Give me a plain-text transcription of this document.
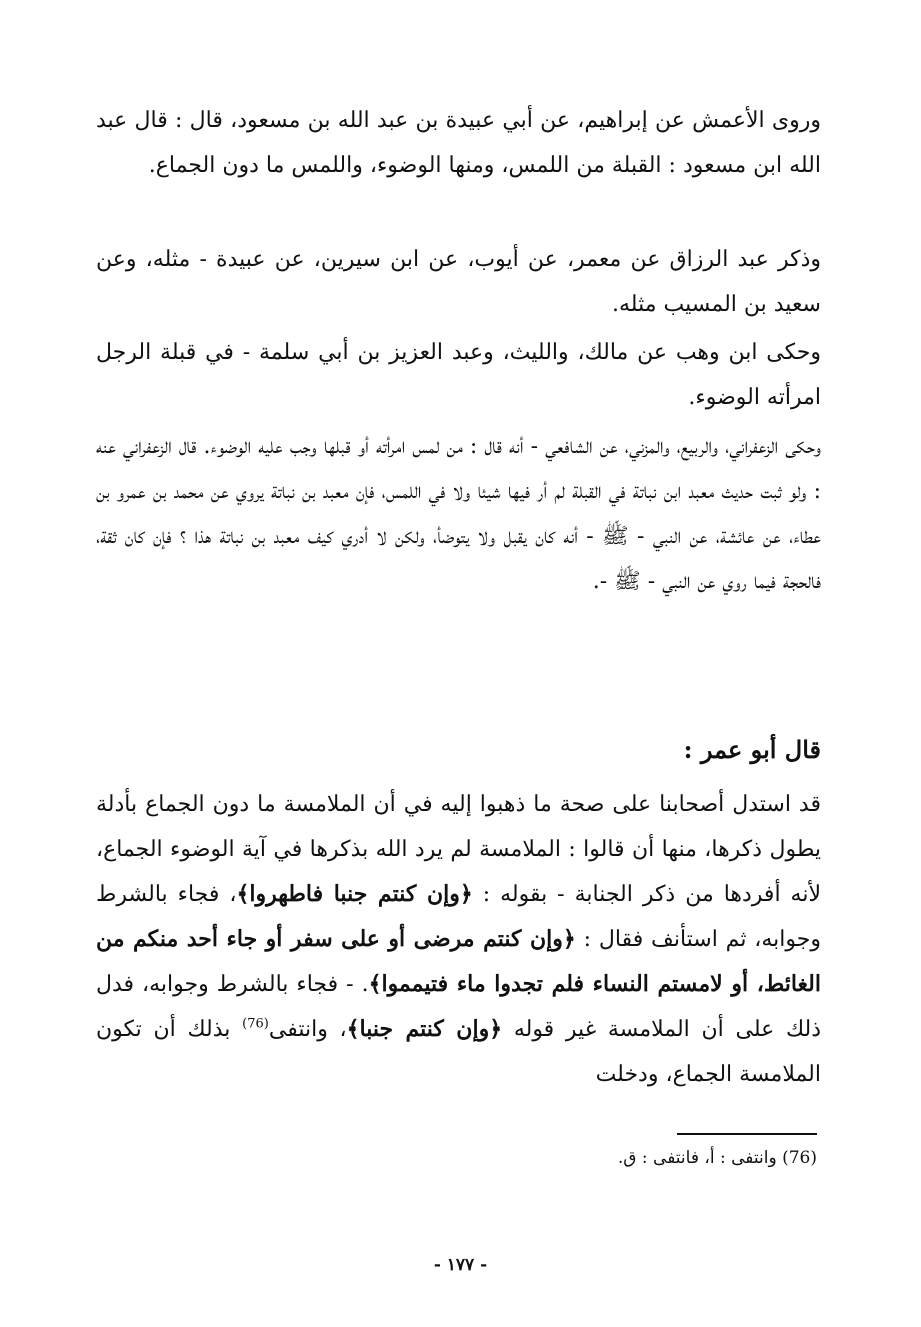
وروى الأعمش عن إبراهيم، عن أبي عبيدة بن عبد الله بن مسعود، قال : قال عبد الله ابن مسعود : القبلة من اللمس، ومنها الوضوء، واللمس ما دون الجماع.

وذكر عبد الرزاق عن معمر، عن أيوب، عن ابن سيرين، عن عبيدة - مثله، وعن سعيد بن المسيب مثله.

وحكى ابن وهب عن مالك، والليث، وعبد العزيز بن أبي سلمة - في قبلة الرجل امرأته الوضوء.

وحكى الزعفراني، والربيع، والمزني، عن الشافعي - أنه قال : من لمس امرأته أو قبلها وجب عليه الوضوء. قال الزعفراني عنه : ولو ثبت حديث معبد ابن نباتة في القبلة لم أر فيها شيئا ولا في اللمس، فإن معبد بن نباتة يروي عن محمد بن عمرو بن عطاء، عن عائشة، عن النبي - ﷺ - أنه كان يقبل ولا يتوضأ، ولكن لا أدري كيف معبد بن نباتة هذا ؟ فإن كان ثقة، فالحجة فيما روي عن النبي - ﷺ -.

قال أبو عمر :

قد استدل أصحابنا على صحة ما ذهبوا إليه في أن الملامسة ما دون الجماع بأدلة يطول ذكرها، منها أن قالوا : الملامسة لم يرد الله بذكرها في آية الوضوء الجماع، لأنه أفردها من ذكر الجنابة - بقوله : ﴿وإن كنتم جنبا فاطهروا﴾، فجاء بالشرط وجوابه، ثم استأنف فقال : ﴿وإن كنتم مرضى أو على سفر أو جاء أحد منكم من الغائط، أو لامستم النساء فلم تجدوا ماء فتيمموا﴾. - فجاء بالشرط وجوابه، فدل ذلك على أن الملامسة غير قوله ﴿وإن كنتم جنبا﴾، وانتفى$^{(76)}$ بذلك أن تكون الملامسة الجماع، ودخلت

(76) وانتفى : أ، فانتفى : ق.

- ١٧٧ -
